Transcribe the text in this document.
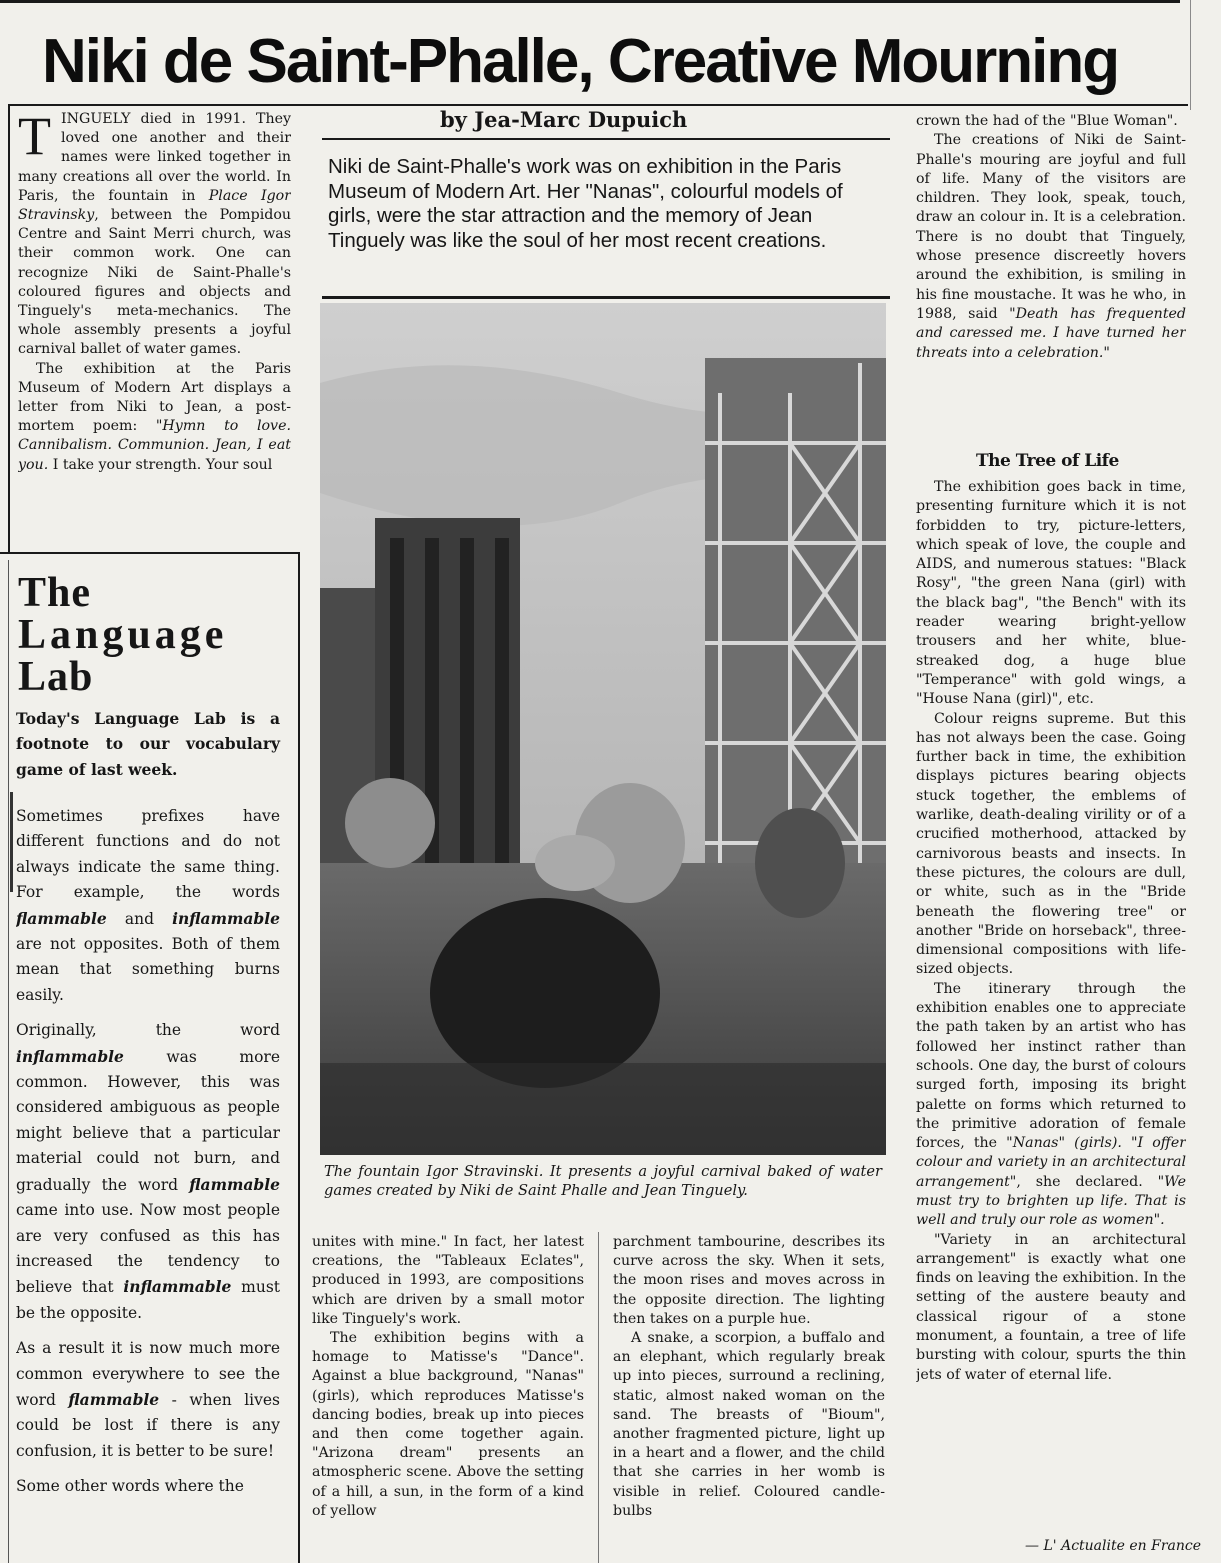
Niki de Saint-Phalle, Creative Mourning

TINGUELY died in 1991. They loved one another and their names were linked together in many creations all over the world. In Paris, the fountain in Place Igor Stravinsky, between the Pompidou Centre and Saint Merri church, was their common work. One can recognize Niki de Saint-Phalle's coloured figures and objects and Tinguely's meta-mechanics. The whole assembly presents a joyful carnival ballet of water games.

The exhibition at the Paris Museum of Modern Art displays a letter from Niki to Jean, a post-mortem poem: "Hymn to love. Cannibalism. Communion. Jean, I eat you. I take your strength. Your soul

by Jea-Marc Dupuich
Niki de Saint-Phalle's work was on exhibition in the Paris Museum of Modern Art. Her "Nanas", colourful models of girls, were the star attraction and the memory of Jean Tinguely was like the soul of her most recent creations.
The fountain Igor Stravinski. It presents a joyful carnival baked of water games created by Niki de Saint Phalle and Jean Tinguely.

unites with mine." In fact, her latest creations, the "Tableaux Eclates", produced in 1993, are compositions which are driven by a small motor like Tinguely's work.

The exhibition begins with a homage to Matisse's "Dance". Against a blue background, "Nanas" (girls), which reproduces Matisse's dancing bodies, break up into pieces and then come together again. "Arizona dream" presents an atmospheric scene. Above the setting of a hill, a sun, in the form of a kind of yellow

parchment tambourine, describes its curve across the sky. When it sets, the moon rises and moves across in the opposite direction. The lighting then takes on a purple hue.

A snake, a scorpion, a buffalo and an elephant, which regularly break up into pieces, surround a reclining, static, almost naked woman on the sand. The breasts of "Bioum", another fragmented picture, light up in a heart and a flower, and the child that she carries in her womb is visible in relief. Coloured candle-bulbs

crown the had of the "Blue Woman".

The creations of Niki de Saint-Phalle's mouring are joyful and full of life. Many of the visitors are children. They look, speak, touch, draw an colour in. It is a celebration. There is no doubt that Tinguely, whose presence discreetly hovers around the exhibition, is smiling in his fine moustache. It was he who, in 1988, said "Death has frequented and caressed me. I have turned her threats into a celebration."

The Tree of Life

The exhibition goes back in time, presenting furniture which it is not forbidden to try, picture-letters, which speak of love, the couple and AIDS, and numerous statues: "Black Rosy", "the green Nana (girl) with the black bag", "the Bench" with its reader wearing bright-yellow trousers and her white, blue-streaked dog, a huge blue "Temperance" with gold wings, a "House Nana (girl)", etc.

Colour reigns supreme. But this has not always been the case. Going further back in time, the exhibition displays pictures bearing objects stuck together, the emblems of warlike, death-dealing virility or of a crucified motherhood, attacked by carnivorous beasts and insects. In these pictures, the colours are dull, or white, such as in the "Bride beneath the flowering tree" or another "Bride on horseback", three-dimensional compositions with life-sized objects.

The itinerary through the exhibition enables one to appreciate the path taken by an artist who has followed her instinct rather than schools. One day, the burst of colours surged forth, imposing its bright palette on forms which returned to the primitive adoration of female forces, the "Nanas" (girls). "I offer colour and variety in an architectural arrangement", she declared. "We must try to brighten up life. That is well and truly our role as women".

"Variety in an architectural arrangement" is exactly what one finds on leaving the exhibition. In the setting of the austere beauty and classical rigour of a stone monument, a fountain, a tree of life bursting with colour, spurts the thin jets of water of eternal life.

— L' Actualite en France
The
Language
Lab

Today's Language Lab is a footnote to our vocabulary game of last week.

Sometimes prefixes have different functions and do not always indicate the same thing. For example, the words flammable and inflammable are not opposites. Both of them mean that something burns easily.

Originally, the word inflammable was more common. However, this was considered ambiguous as people might believe that a particular material could not burn, and gradually the word flammable came into use. Now most people are very confused as this has increased the tendency to believe that inflammable must be the opposite.

As a result it is now much more common everywhere to see the word flammable - when lives could be lost if there is any confusion, it is better to be sure!

Some other words where the
